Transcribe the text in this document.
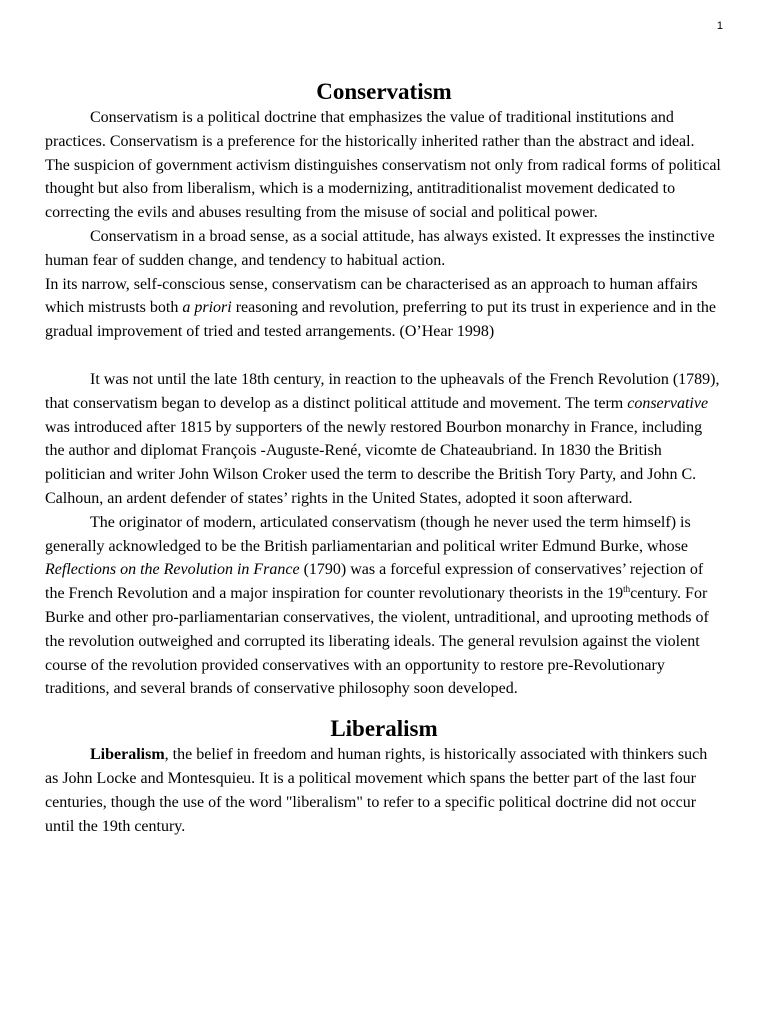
1
Conservatism

Conservatism is a political doctrine that emphasizes the value of traditional institutions and practices. Conservatism is a preference for the historically inherited rather than the abstract and ideal. The suspicion of government activism distinguishes conservatism not only from radical forms of political thought but also from liberalism, which is a modernizing, antitraditionalist movement dedicated to correcting the evils and abuses resulting from the misuse of social and political power.

Conservatism in a broad sense, as a social attitude, has always existed. It expresses the instinctive human fear of sudden change, and tendency to habitual action.

In its narrow, self-conscious sense, conservatism can be characterised as an approach to human affairs which mistrusts both a priori reasoning and revolution, preferring to put its trust in experience and in the gradual improvement of tried and tested arrangements. (O’Hear 1998)

It was not until the late 18th century, in reaction to the upheavals of the French Revolution (1789), that conservatism began to develop as a distinct political attitude and movement. The term conservative was introduced after 1815 by supporters of the newly restored Bourbon monarchy in France, including the author and diplomat François -Auguste-René, vicomte de Chateaubriand. In 1830 the British politician and writer John Wilson Croker used the term to describe the British Tory Party, and John C. Calhoun, an ardent defender of states’ rights in the United States, adopted it soon afterward.

The originator of modern, articulated conservatism (though he never used the term himself) is generally acknowledged to be the British parliamentarian and political writer Edmund Burke, whose Reflections on the Revolution in France (1790) was a forceful expression of conservatives’ rejection of the French Revolution and a major inspiration for counter revolutionary theorists in the 19thcentury. For Burke and other pro-parliamentarian conservatives, the violent, untraditional, and uprooting methods of the revolution outweighed and corrupted its liberating ideals. The general revulsion against the violent course of the revolution provided conservatives with an opportunity to restore pre-Revolutionary traditions, and several brands of conservative philosophy soon developed.

Liberalism

Liberalism, the belief in freedom and human rights, is historically associated with thinkers such as John Locke and Montesquieu. It is a political movement which spans the better part of the last four centuries, though the use of the word "liberalism" to refer to a specific political doctrine did not occur until the 19th century.
